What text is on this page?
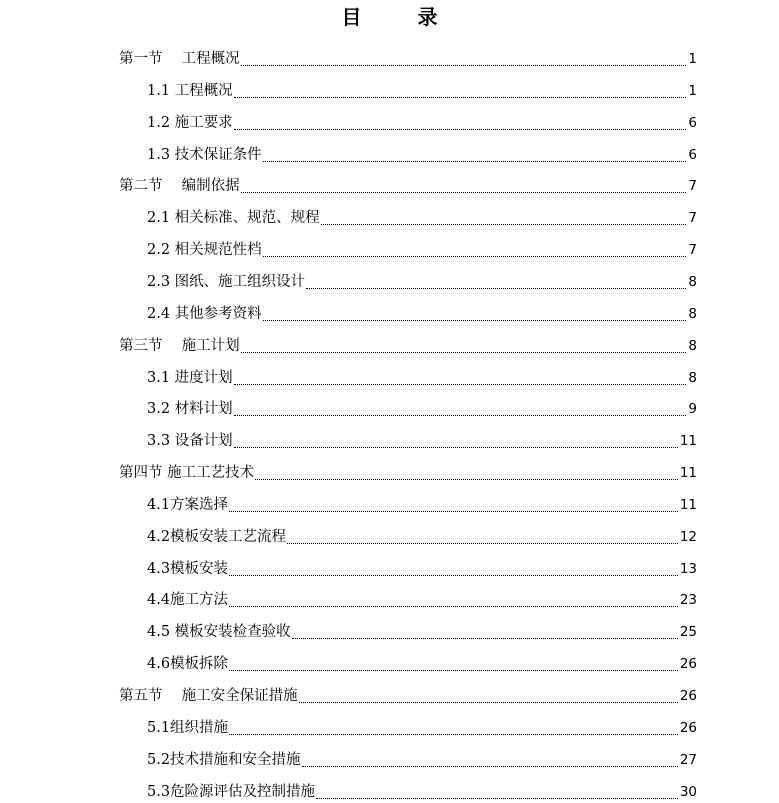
目　录
第一节　 工程概况	1
1.1 工程概况	1
1.2 施工要求	6
1.3 技术保证条件	6
第二节　 编制依据	7
2.1 相关标准、规范、规程	7
2.2 相关规范性档	7
2.3 图纸、施工组织设计	8
2.4 其他参考资料	8
第三节　 施工计划	8
3.1 进度计划	8
3.2 材料计划	9
3.3 设备计划	11
第四节 施工工艺技术	11
4.1方案选择	11
4.2模板安装工艺流程	12
4.3模板安装	13
4.4施工方法	23
4.5 模板安装检查验收	25
4.6模板拆除	26
第五节　 施工安全保证措施	26
5.1组织措施	26
5.2技术措施和安全措施	27
5.3危险源评估及控制措施	30
